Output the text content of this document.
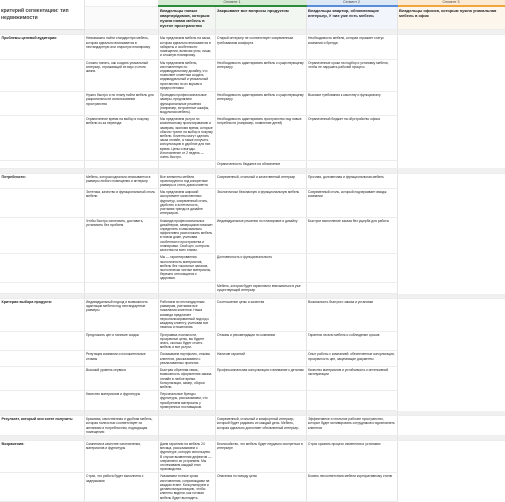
критерий сегментации: тип недвижимости		Сегмент 1		Сегмент 2	Сегмент 3
		Владельцы новых квартир/домов, которым нужна новая мебель в пустое пространство	Закрывают все вопросы продуктом	Владельцы квартир, обновляющие интерьер, У них уже есть мебель	Владельцы офисов, которым нужна уникальная мебель в офис

Проблемы целевой аудитории	Невозможно найти стандартную мебель, которая идеально вписывается в нестандартную или открытую планировку	Мы предлагаем мебель на заказ, которая идеально вписывается в габариты и особенности помещения, включая углы, ниши, и сложную планировку.	Старый интерьер не соответствует современным требованиям комфорта	Необходимость мебели, которая отражает статус компании и бренда	
	Сложно понять, как создать уникальный интерьер, отражающий их вкус и стиль жизни.	Мы предлагаем мебель, изготовленную по индивидуальному дизайну, что позволяет клиентам создать индивидуальный и уникальный простанство по их вкусам и предпочтениям	Необходимость адаптировать мебель к существующему интерьеру	Ограниченные сроки на подбор и установку мебели, чтобы не нарушать рабочий процесс.	
	Нужно быстро и по плану найти мебель для рациональности использования пространства	Проводим профессиональные замеры, предлагаем функциональные решения (например, встроенные шкафы, модульная мебель).	Необходимость адаптировать мебель к существующему интерьеру	Высокие требования к качеству и функционалу	
	Ограниченное время на выбор и покупку мебели из-за переезда	Мы предлагаем услуги по комплексному проектированию и замерам, экономя время, которые обычно тратят на выбор и покупку мебели. Клиенты могут сделать заказ онлайн, а также получить консультацию в удобное для них время. Цены и выгоды. Изготовление от 2 недель — очень быстро.	Необходимость адаптировать пространство под новые потребности (например, появление детей)	Ограниченный бюджет на обустройство офиса	
			Ограниченность бюджета на обновление		

Потребности:	Мебель, которая идеально вписывается в размеры любого помещения и интерьер	Все элементы мебели проектируются под конкретные размеры и стиль дома клиента	Современный, стильный и качественный интерьер	Прочная, долговечная и функциональная мебель	
	Эстетика, качество и функциональный стиль мебели	Мы предлагаем широкий ассортимент качественных фурнитур, современный стиль, удобство и эстетичность, учитывая тренды в дизайне интерьеров.	Экологически безопасную и функциональную мебель	Современный стиль, который подчеркивает имидж компании	
	Чтобы быстро изготовить, доставить, установить без проблем	Команда профессиональных дизайнеров, замерщиков поможет определить и максимально эффективно расположить мебель в новом доме, учитывая особенности пространства и планировки. Свой цех, контроль качества на всех этапах.	Индивидуальные решения по планировке и дизайну	Быстрое выполнение заказа без ущерба для работы	
		Мы — гарантированная экологичность материалов, мебель без токсичных запахов, экологически чистые материалы, бережно относящиеся к здоровью.	Долговечность и функциональность		
			Мебель, которая будет гармонично вписываться в уже существующий интерьер		

Критерии выбора продукта:	Индивидуальный подход и возможность адаптации мебели под нестандартные размеры	Работаем по нестандартным размерам, учитывая все пожелания клиентов. Наша команда предлагает персонализированный подход к каждому клиенту, учитывая все нюансы и пожелания.	Соотношение цены и качества	Возможность быстрого заказа и установки	
	Предложить цен и наличие скидок	Программа лояльности, прозрачные цены, вы будете знать, сколько будет стоить мебель и все услуги.	Отзывы и рекомендации по компании	Гарантия на всю мебель и соблюдение сроков	
	Репутация компании и положительные отзывы	Показываем портфолио, отзывы клиентов, рассказываем о реализованных проектах.	Наличие гарантий	Опыт работы с компанией: обеспеченные консультации, прозрачность цен, закупающие документы	
	Высокий уровень сервиса	Быстрая обратная связь, возможность оформления заказа онлайн в любое время. Консультации, замер, сборка мебели.	Профессиональная консультация и внимание к деталям	Качество материалов и устойчивость к интенсивной эксплуатации	
	Качество материалов и фурнитуры	Персональные бренды фурнитуры, рассказываем, что приобретаем материалы у проверенных поставщиков.			

Результат, который они хотят получить:	Красивая, качественная и удобная мебель, которая полностью соответствует их желаниям и потребностям, подходящая помещению		Современный, стильный и комфортный интерьер, который будет радовать их каждый день. Мебель, которая идеально дополняет обновленный интерьер.	Эффективное и стильное рабочее пространство, которое будет мотивировать сотрудников и вдохновлять клиентов	

Возражения:	Сомнения в качестве изготовления, материалов и фурнитуры	Даем гарантию на мебель 24 месяца, рассказываем о фурнитуре, которую используем. В случае выявления дефектов — оперативно их устраняем. Мы отслеживаем каждый этап производства.	Беспокойство, что мебель будет неудачно смотреться в интерьере	Страх срывать процесс изменения и установки	
	Страх, что работа будет выполнена с задержками	Указываем точные сроки изготовления, сопровождаем на каждом этапе. Консультируем и делаем визуализацию, чтобы клиенты видели, как готовая мебель будет выглядеть.	Опасения по поводу цены	Боязнь несоответствия мебели корпоративному стилю	
